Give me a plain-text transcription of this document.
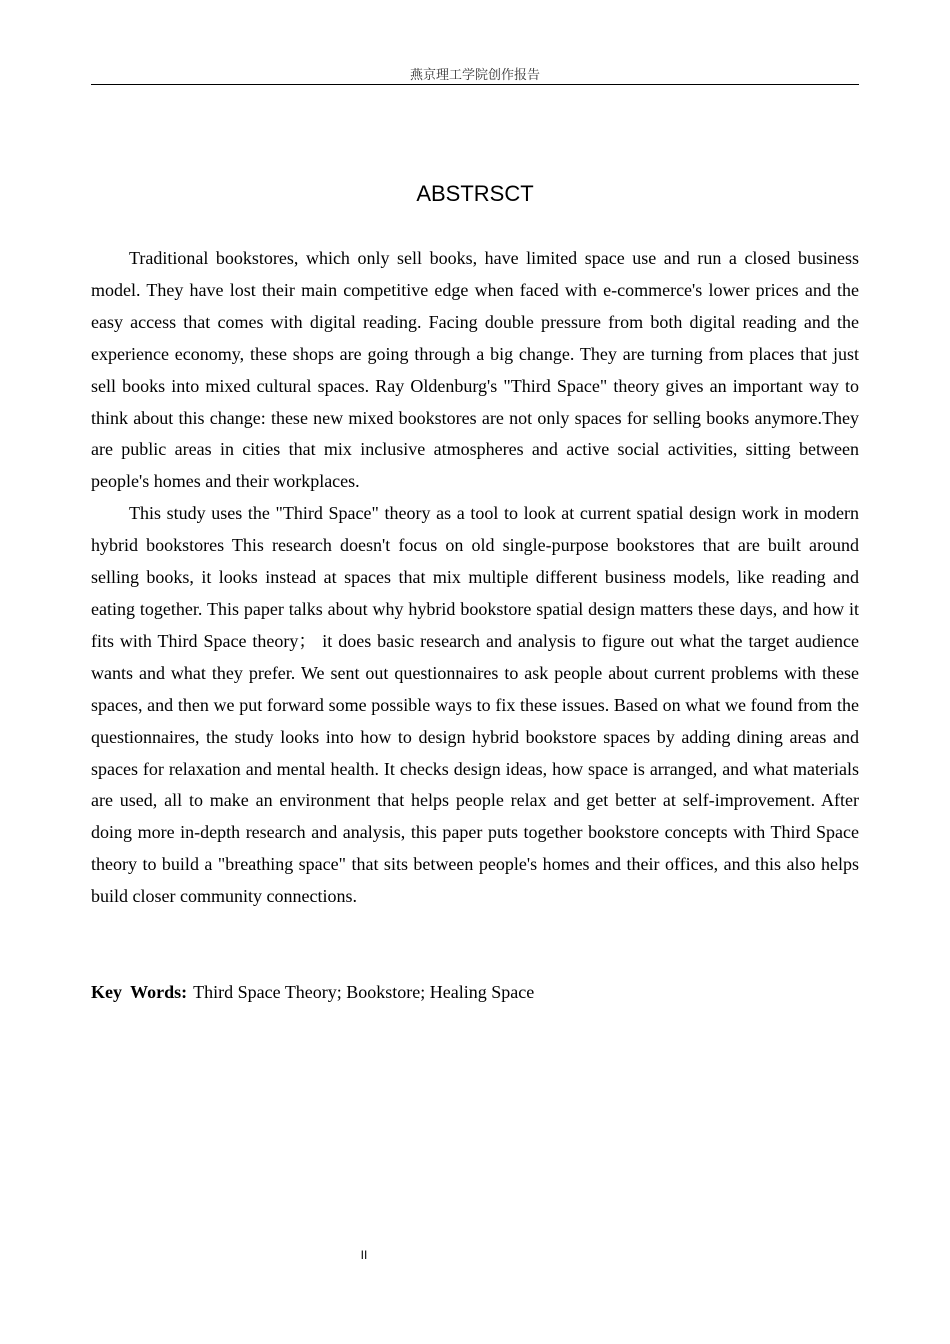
燕京理工学院创作报告
ABSTRSCT

Traditional bookstores, which only sell books, have limited space use and run a closed business model. They have lost their main competitive edge when faced with e-commerce's lower prices and the easy access that comes with digital reading. Facing double pressure from both digital reading and the experience economy, these shops are going through a big change. They are turning from places that just sell books into mixed cultural spaces. Ray Oldenburg's "Third Space" theory gives an important way to think about this change: these new mixed bookstores are not only spaces for selling books anymore.They are public areas in cities that mix inclusive atmospheres and active social activities, sitting between people's homes and their workplaces.

This study uses the "Third Space" theory as a tool to look at current spatial design work in modern hybrid bookstores This research doesn't focus on old single-purpose bookstores that are built around selling books, it looks instead at spaces that mix multiple different business models, like reading and eating together. This paper talks about why hybrid bookstore spatial design matters these days, and how it fits with Third Space theory； it does basic research and analysis to figure out what the target audience wants and what they prefer. We sent out questionnaires to ask people about current problems with these spaces, and then we put forward some possible ways to fix these issues. Based on what we found from the questionnaires, the study looks into how to design hybrid bookstore spaces by adding dining areas and spaces for relaxation and mental health. It checks design ideas, how space is arranged, and what materials are used, all to make an environment that helps people relax and get better at self-improvement. After doing more in-depth research and analysis, this paper puts together bookstore concepts with Third Space theory to build a "breathing space" that sits between people's homes and their offices, and this also helps build closer community connections.

Key Words: Third Space Theory; Bookstore; Healing Space

II
